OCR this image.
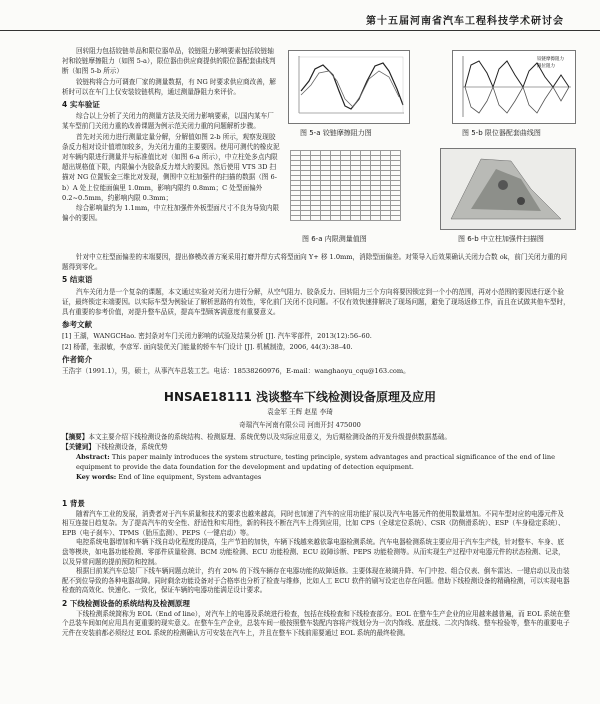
第十五届河南省汽车工程科技学术研讨会

回转阻力包括铰链单品和限位器单品，铰链阻力影响要素包括铰链轴衬和铰链摩擦阻力（如图 5-a），限位器由供应商提供的限位器配套曲线判断（如图 5-b 所示）

铰链构将合力可调查厂家的测量数据，有 NG 时要求供应商改善，解析时可以在车门上仅安装铰链机构，通过测量静阻力来评价。

4 实车验证

综合以上分析了关闭力的测量方法及关闭力影响要素，以国内某车厂某车型前门关闭力重的改善课题为例示范关闭力重的问题解析步骤。

首先对关闭力进行测量定量分解，分解值如图 2-b 所示，观察发现胶条反力相对设计值增加较多，为关闭力重的主要要因。使用可测代的橡皮泥对车辆内限进行测量并与标准值比对（如图 6-a 所示），中立柱处多点内限超出规格值下限，内限偏小为胶条反力增大的要因。然后使用 VTS 3D 扫描对 NG 位置钣金三维比对发现，侧围中立柱加强件的扫描的数据（图 6-b）A 处上位能面偏里 1.0mm，影响内限约 0.8mm；C 处型面偏外 0.2~0.5mm，约影响内限 0.3mm；

综合影响量约为 1.1mm，中立柱加强件外板型面尺寸不良为导致内限偏小的要因。

图 5-a 铰链摩擦阻力图
铰链摩擦阻力
限位阻力
图 5-b 限位器配套曲线图

图 6-a 内限测量值图	图 6-b 中立柱加强件扫描图

针对中立柱型面偏差的末端要因，提出修模改善方案采用打磨并焊方式将型面向 Y+ 移 1.0mm，消除型面偏差。对策导入后效果确认关闭力合数 ok，前门关闭力重的问题得到零化。

5 结束语

汽车关闭力是一个复杂的课题，本文通过实验对关闭力进行分解，从空气阻力、胶条反力、回转阻力三个方向将要因锁定到一个小的范围，再对小范围的要因进行逐个验证，最终锁定末端要因。以实际车型为例验证了解析思路的有效性，零化前门关闭不良问题。不仅有效快速排解决了现场问题，避免了现场返修工作，而且在试做其他车型时，具有重要的参考价值，对提升整车品质，提高车型顾客满意度有重要意义。

参考文献

[1] 王湖，WANGCHao. 密封条对车门关闭力影响的试验及结果分析 [J]. 汽车零部件，2013(12):56–60.

[2] 杨蕾，张淑敏，李彦军. 面向装优关门能量的轿车车门设计 [J]. 机械制造，2006, 44(3):38–40.

作者简介
王浩宇（1991.1），男，硕士，从事汽车总装工艺。电话：18538260976，E-mail：wanghaoyu_cqu@163.com。
HNSAE18111 浅谈整车下线检测设备原理及应用
袁金军 王辉 赵星 李琦
奇瑞汽车河南有限公司 河南开封 475000
【摘要】本文主要介绍下线检测设备的系统结构、检测原理、系统优势以及实际应用意义，为后期检测设备的开发升级提供数据基础。
【关键词】下线检测设备，系统优势
Abstract: This paper mainly introduces the system structure, testing principle, system advantages and practical significance of the end of line equipment to provide the data foundation for the development and updating of detection equipment.
Key words: End of line equipment, System advantages
1 背景

随着汽车工业的发展，消费者对于汽车质量和技术的要求也越来越高，同时也加速了汽车的应用功能扩展以及汽车电器元件的使用数量增加。不同车型对应的电器元件及相互连接日趋复杂。为了提高汽车的安全性、舒适性和实用性，新的科技不断在汽车上得到应用，比如 CPS（全球定位系统）、CSR（防侧滑系统）、ESP（车身稳定系统）、EPB（电子刹车）、TPMS（胎压监测）、PEPS（一键启动）等。

电控系统电器增加和车辆下线自动化程度的提高，生产节拍的加快，车辆下线越来越依靠电器检测系统。汽车电器检测系统主要应用于汽车生产线，针对整车、车身、底盘等模块，如电器功能检测、零部件质量检测、BCM 功能检测、ECU 功能检测、ECU 故障诊断、PEPS 功能检测等。从而实现生产过程中对电器元件的状态检测、记录，以及异常问题的提前预防和控制。

根据目前某汽车总装厂下线车辆问题点统计，约有 20% 的下线车辆存在电器功能的故障返修。主要体现在玻璃升降、车门中控、组合仪表、倒车雷达、一键启动以及由装配不到位导致的各种电器故障。同时剩余功能设备对于合格率也分析了检查与维修，比如人工 ECU 软件的刷写设定也存在问题。借助下线检测设备的精确检测，可以实现电器检查的高效化、快速化、一致化，保证车辆的电器功能满足设计要求。

2 下线检测设备的系统结构及检测原理

下线检测系统简称为 EOL（End of line），对汽车上的电器及系统进行检查，包括在线检查和下线检查部分。EOL 在整车生产企业的应用越来越普遍，而 EOL 系统在整个总装车间如何应用具有更重要的现实意义。在整车生产企业，总装车间一般按照整车装配内容将产线划分为一次内饰线、底盘线、二次内饰线、整车检验等，整车的重要电子元件在安装前都必须经过 EOL 系统的检测确认方可安装在汽车上，并且在整车下线前需要通过 EOL 系统的最终检测。
